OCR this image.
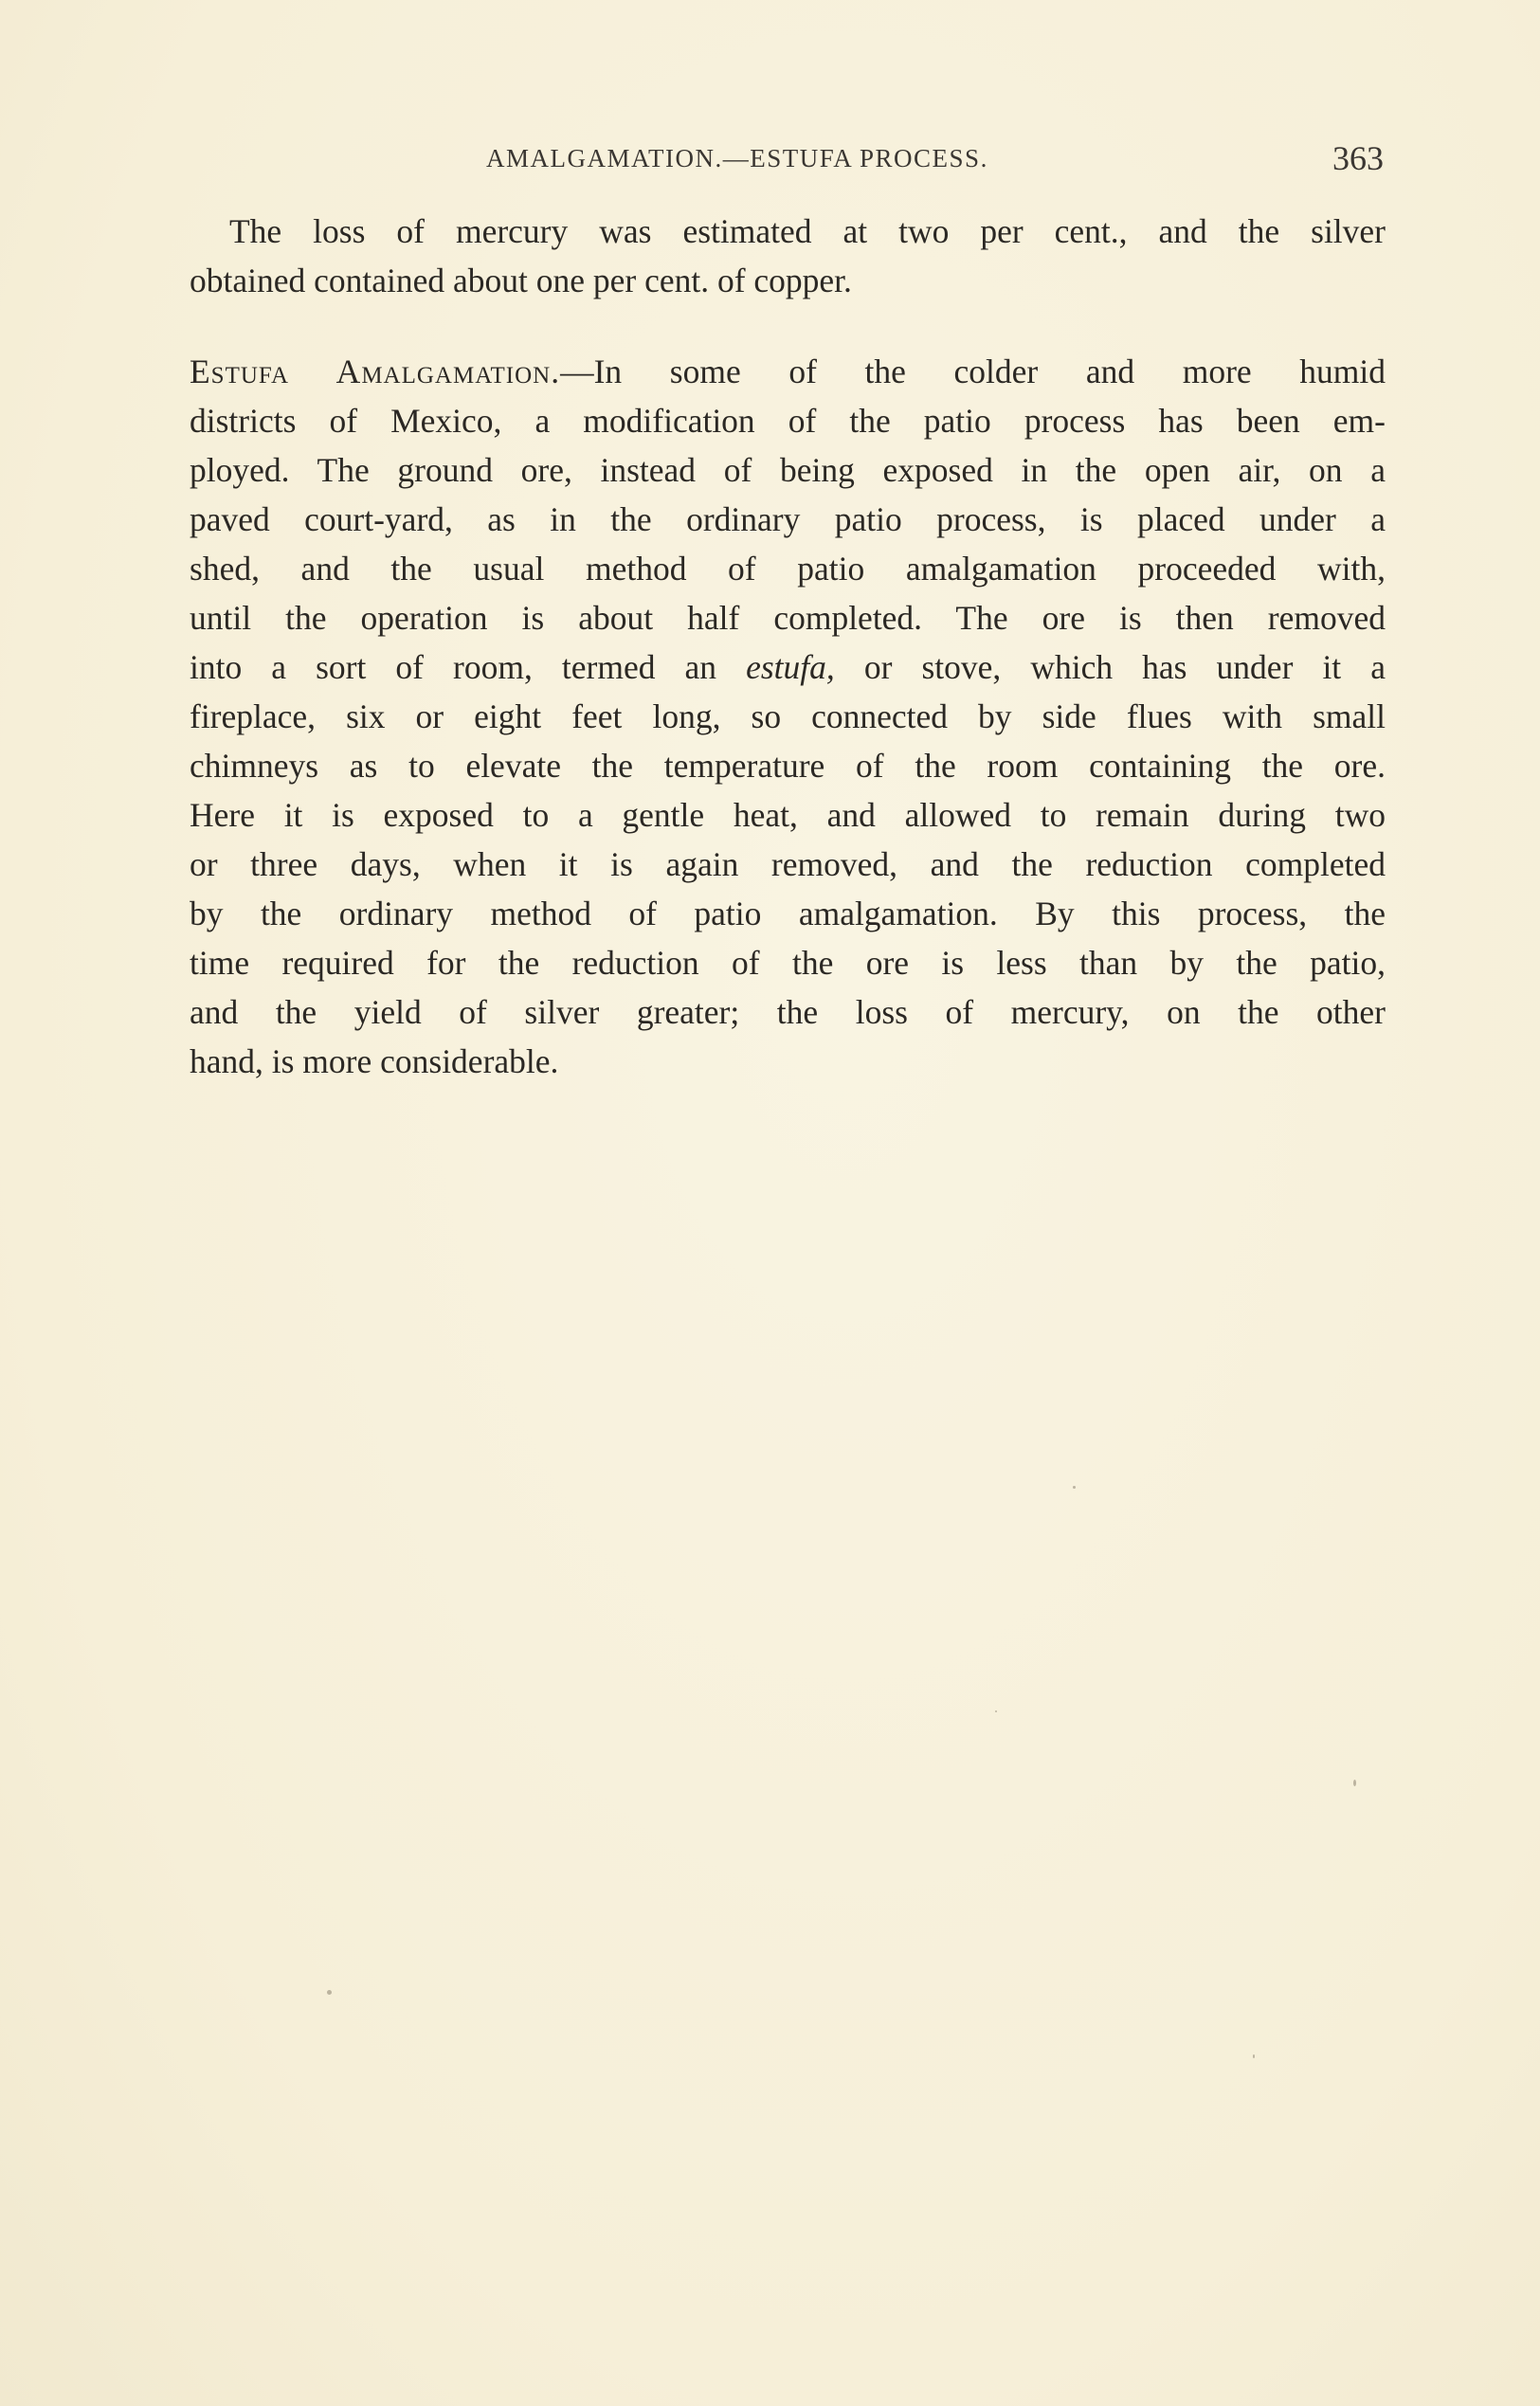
AMALGAMATION.—ESTUFA PROCESS.	363
The loss of mercury was estimated at two per cent., and the silver
obtained contained about one per cent. of copper.
Estufa Amalgamation.—In some of the colder and more humid
districts of Mexico, a modification of the patio process has been em-
ployed. The ground ore, instead of being exposed in the open air, on a
paved court-yard, as in the ordinary patio process, is placed under a
shed, and the usual method of patio amalgamation proceeded with,
until the operation is about half completed. The ore is then removed
into a sort of room, termed an estufa, or stove, which has under it a
fireplace, six or eight feet long, so connected by side flues with small
chimneys as to elevate the temperature of the room containing the ore.
Here it is exposed to a gentle heat, and allowed to remain during two
or three days, when it is again removed, and the reduction completed
by the ordinary method of patio amalgamation. By this process, the
time required for the reduction of the ore is less than by the patio,
and the yield of silver greater; the loss of mercury, on the other
hand, is more considerable.
